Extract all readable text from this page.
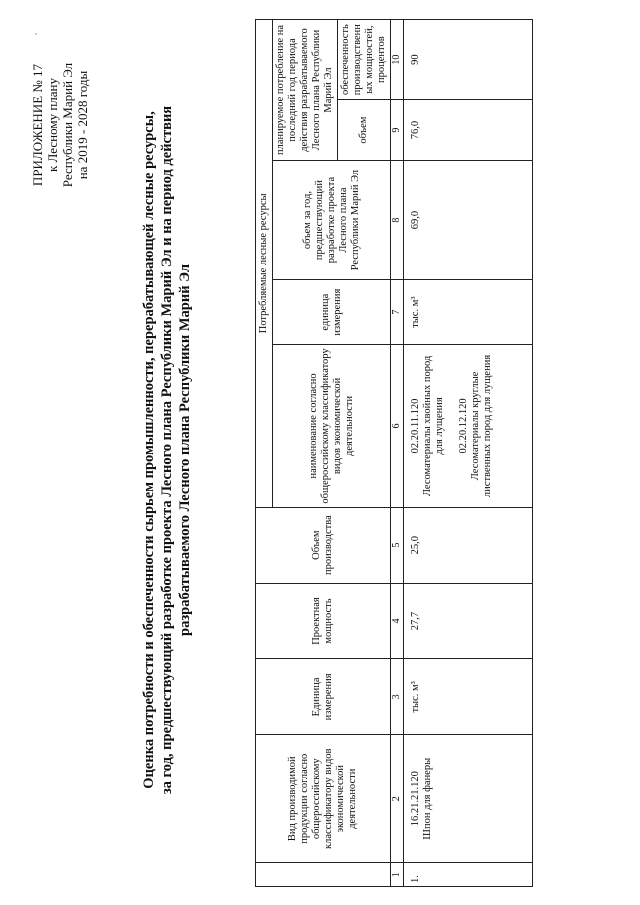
ПРИЛОЖЕНИЕ № 17 к Лесному плану Республики Марий Эл на 2019 - 2028 годы	Оценка потребности и обеспеченности сырьем промышленности, перерабатывающей лесные ресурсы, за год, предшествующий разработке проекта Лесного плана Республики Марий Эл и на период действия разрабатываемого Лесного плана Республики Марий Эл
	Вид производимой продукции согласно общероссийскому классификатору видов экономической деятельности	Единица измерения	Проектная мощность	Объем производства	Потребляемые лесные ресурсы				
					наименование согласно общероссийскому классификатору видов экономической деятельности	единица измерения	объем за год, предшествующий разработке проекта Лесного плана Республики Марий Эл	планируемое потребление на последний год периода действия разрабатываемого Лесного плана Республики Марий Эл	
								объем	обеспеченность производственных мощностей, процентов
1	2	3	4	5	6	7	8	9	10
1.	16.21.21.120 Шпон для фанеры	тыс. м³	27,7	25,0	02.20.11.120 Лесоматериалы хвойных пород для лущения 02.20.12.120 Лесоматериалы круглые лиственных пород для лущения	тыс. м³	69,0	76,0	90
